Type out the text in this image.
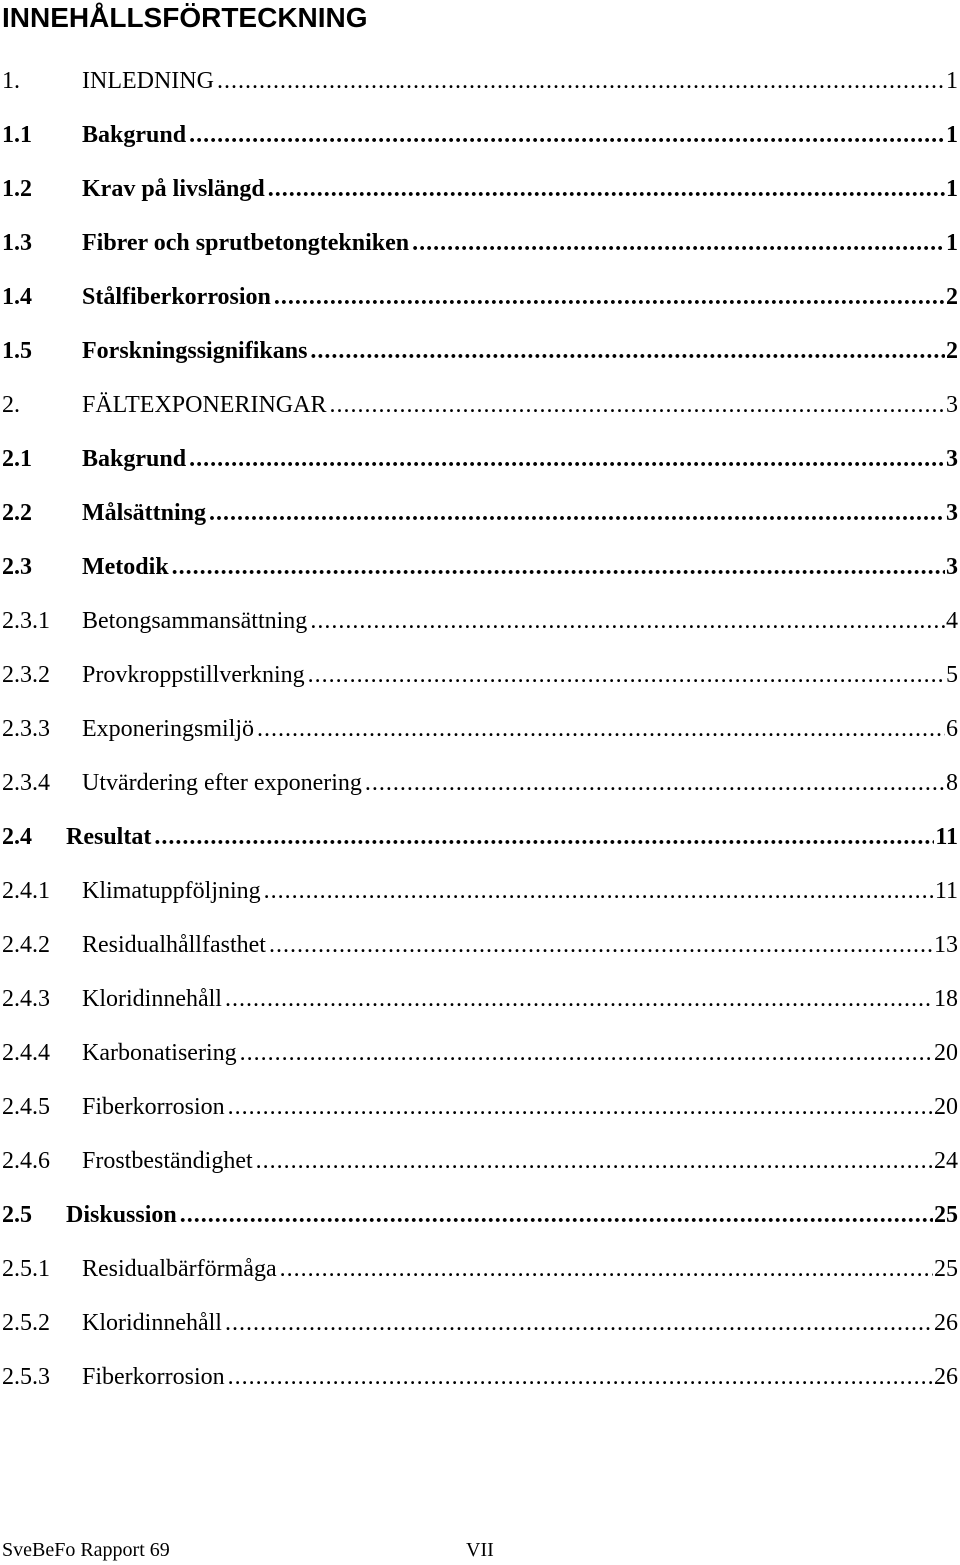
INNEHÅLLSFÖRTECKNING
1.	INLEDNING .....	1
1.1 Bakgrund .....	1
1.2 Krav på livslängd .....	1
1.3 Fibrer och sprutbetongtekniken .....	1
1.4 Stålfiberkorrosion .....	2
1.5 Forskningssignifikans .....	2
2.	FÄLTEXPONERINGAR .....	3
2.1 Bakgrund .....	3
2.2 Målsättning .....	3
2.3 Metodik .....	3
2.3.1 Betongsammansättning .....	4
2.3.2 Provkroppstillverkning .....	5
2.3.3 Exponeringsmiljö .....	6
2.3.4 Utvärdering efter exponering .....	8
2.4 Resultat .....	11
2.4.1 Klimatuppföljning .....	11
2.4.2 Residualhållfasthet .....	13
2.4.3 Kloridinnehåll .....	18
2.4.4 Karbonatisering .....	20
2.4.5 Fiberkorrosion .....	20
2.4.6 Frostbeständighet .....	24
2.5 Diskussion .....	25
2.5.1 Residualbärförmåga .....	25
2.5.2 Kloridinnehåll .....	26
2.5.3 Fiberkorrosion .....	26
SveBeFo Rapport 69	VII
